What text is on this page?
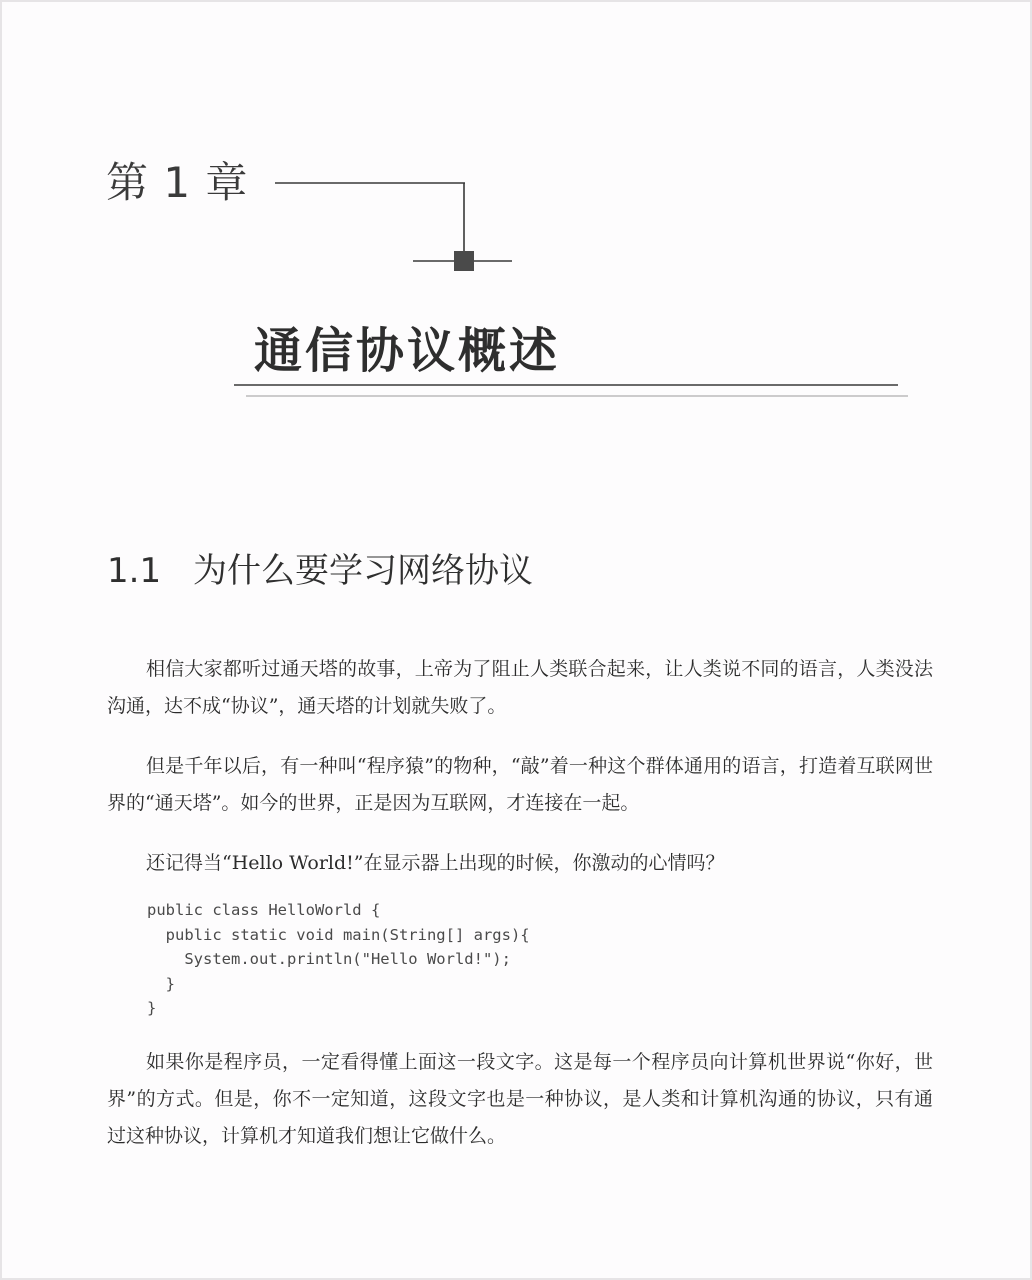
第 1 章
通信协议概述
1.1 为什么要学习网络协议

相信大家都听过通天塔的故事，上帝为了阻止人类联合起来，让人类说不同的语言，人类没法沟通，达不成“协议”，通天塔的计划就失败了。

但是千年以后，有一种叫“程序猿”的物种，“敲”着一种这个群体通用的语言，打造着互联网世界的“通天塔”。如今的世界，正是因为互联网，才连接在一起。

还记得当“Hello World!”在显示器上出现的时候，你激动的心情吗？

public class HelloWorld {
public static void main(String[] args){
System.out.println("Hello World!");
}
}

如果你是程序员，一定看得懂上面这一段文字。这是每一个程序员向计算机世界说“你好，世界”的方式。但是，你不一定知道，这段文字也是一种协议，是人类和计算机沟通的协议，只有通过这种协议，计算机才知道我们想让它做什么。
